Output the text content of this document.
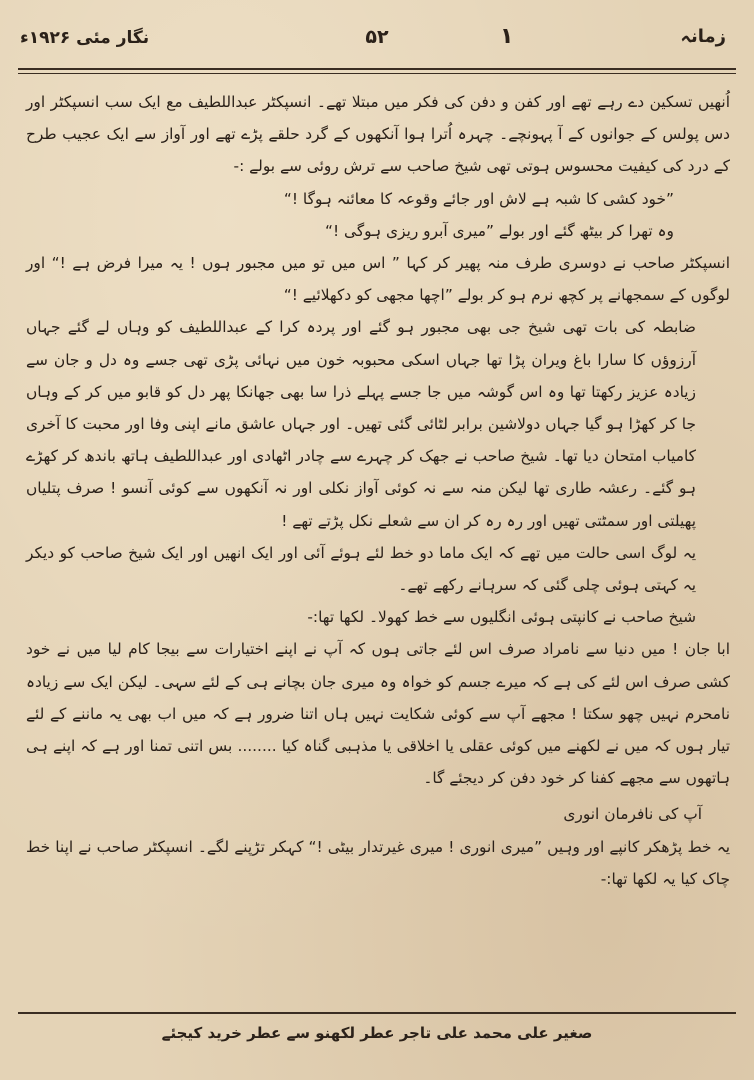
زمانہ
۱
۵۲
نگار مئی ۱۹۲۶ء

اُنھیں تسکین دے رہے تھے اور کفن و دفن کی فکر میں مبتلا تھے۔ انسپکٹر عبداللطیف مع ایک سب انسپکٹر اور دس پولس کے جوانوں کے آ پہونچے۔ چہرہ اُترا ہوا آنکھوں کے گرد حلقے پڑے تھے اور آواز سے ایک عجیب طرح کے درد کی کیفیت محسوس ہوتی تھی شیخ صاحب سے ترش روئی سے بولے :-

”خود کشی کا شبہ ہے لاش اور جائے وقوعہ کا معائنہ ہوگا !“

وہ تھرا کر بیٹھ گئے اور بولے ”میری آبرو ریزی ہوگی !“

انسپکٹر صاحب نے دوسری طرف منہ پھیر کر کہا ” اس میں تو میں مجبور ہوں ! یہ میرا فرض ہے !“ اور لوگوں کے سمجھانے پر کچھ نرم ہو کر بولے ”اچھا مجھی کو دکھلائیے !“

ضابطہ کی بات تھی شیخ جی بھی مجبور ہو گئے اور پردہ کرا کے عبداللطیف کو وہاں لے گئے جہاں آرزوؤں کا سارا باغ ویران پڑا تھا جہاں اسکی محبوبہ خون میں نہائی پڑی تھی جسے وہ دل و جان سے زیادہ عزیز رکھتا تھا وہ اس گوشہ میں جا جسے پہلے ذرا سا بھی جھانکا پھر دل کو قابو میں کر کے وہاں جا کر کھڑا ہو گیا جہاں دولاشین برابر لٹائی گئی تھیں۔ اور جہاں عاشق مانے اپنی وفا اور محبت کا آخری کامیاب امتحان دیا تھا۔ شیخ صاحب نے جھک کر چہرے سے چادر اٹھادی اور عبداللطیف ہاتھ باندھ کر کھڑے ہو گئے۔ رعشہ طاری تھا لیکن منہ سے نہ کوئی آواز نکلی اور نہ آنکھوں سے کوئی آنسو ! صرف پتلیاں پھیلتی اور سمٹتی تھیں اور رہ رہ کر ان سے شعلے نکل پڑتے تھے !

یہ لوگ اسی حالت میں تھے کہ ایک ماما دو خط لئے ہوئے آئی اور ایک انھیں اور ایک شیخ صاحب کو دیکر یہ کہتی ہوئی چلی گئی کہ سرہانے رکھے تھے۔

شیخ صاحب نے کانپتی ہوئی انگلیوں سے خط کھولا۔ لکھا تھا:-

ابا جان ! میں دنیا سے نامراد صرف اس لئے جاتی ہوں کہ آپ نے اپنے اختیارات سے بیجا کام لیا میں نے خود کشی صرف اس لئے کی ہے کہ میرے جسم کو خواہ وہ میری جان بچانے ہی کے لئے سہی۔ لیکن ایک سے زیادہ نامحرم نہیں چھو سکتا ! مجھے آپ سے کوئی شکایت نہیں ہاں اتنا ضرور ہے کہ میں اب بھی یہ ماننے کے لئے تیار ہوں کہ میں نے لکھنے میں کوئی عقلی یا اخلاقی یا مذہبی گناہ کیا ........ بس اتنی تمنا اور ہے کہ اپنے ہی ہاتھوں سے مجھے کفنا کر خود دفن کر دیجئے گا۔

آپ کی نافرمان انوری

یہ خط پڑھکر کانپے اور وہیں ”میری انوری ! میری غیرتدار بیٹی !“ کہکر تڑپنے لگے۔ انسپکٹر صاحب نے اپنا خط چاک کیا یہ لکھا تھا:-

صغیر علی محمد علی تاجر عطر لکھنو سے عطر خرید کیجئے
